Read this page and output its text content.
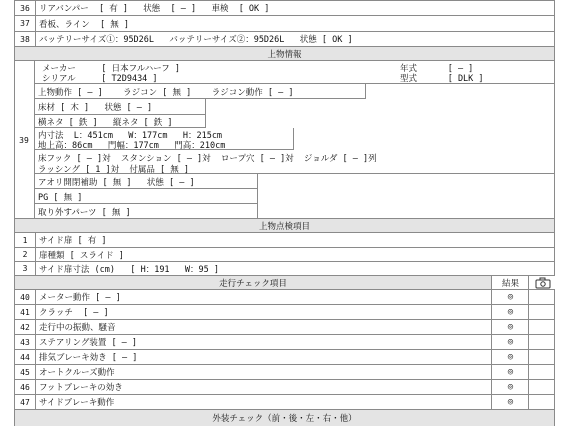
36	リアバンパー  [ 有 ]   状態  [ ― ]   車検  [ OK ]
37	看板、ライン  [ 無 ]
38	バッテリーサイズ①：95D26L   バッテリーサイズ②：95D26L   状態 [ OK ]
上物情報
39
メーカー     [ 日本フルハーフ ]	年式      [ ― ]
シリアル     [ T2D9434 ]	型式      [ DLK ]
上物動作 [ ― ]    ラジコン [ 無 ]    ラジコン動作 [ ― ]
床材 [ 木 ]   状態 [ ― ]
横ネタ [ 鉄 ]   縦ネタ [ 鉄 ]
内寸法  L：451cm   W：177cm   H：215cm
地上高：86cm   門幅：177cm   門高：210cm
床フック [ ― ]対  スタンション [ ― ]対  ロープ穴 [ ― ]対  ジョルダ [ ― ]列
ラッシング [ 1 ]対  付属品 [ 無 ]
アオリ開閉補助 [ 無 ]   状態 [ ― ]
PG [ 無 ]
取り外すパーツ [ 無 ]
上物点検項目
1	サイド扉 [ 有 ]
2	扉種類 [ スライド ]
3	サイド扉寸法 (cm)   [ H：191   W：95 ]
走行チェック項目	結果
40	メーター動作 [ ― ]	◎
41	クラッチ  [ ― ]	◎
42	走行中の振動、騒音	◎
43	ステアリング装置 [ ― ]	◎
44	排気ブレーキ効き [ ― ]	◎
45	オートクルーズ動作	◎
46	フットブレーキの効き	◎
47	サイドブレーキ動作	◎
外装チェック（前・後・左・右・他）
